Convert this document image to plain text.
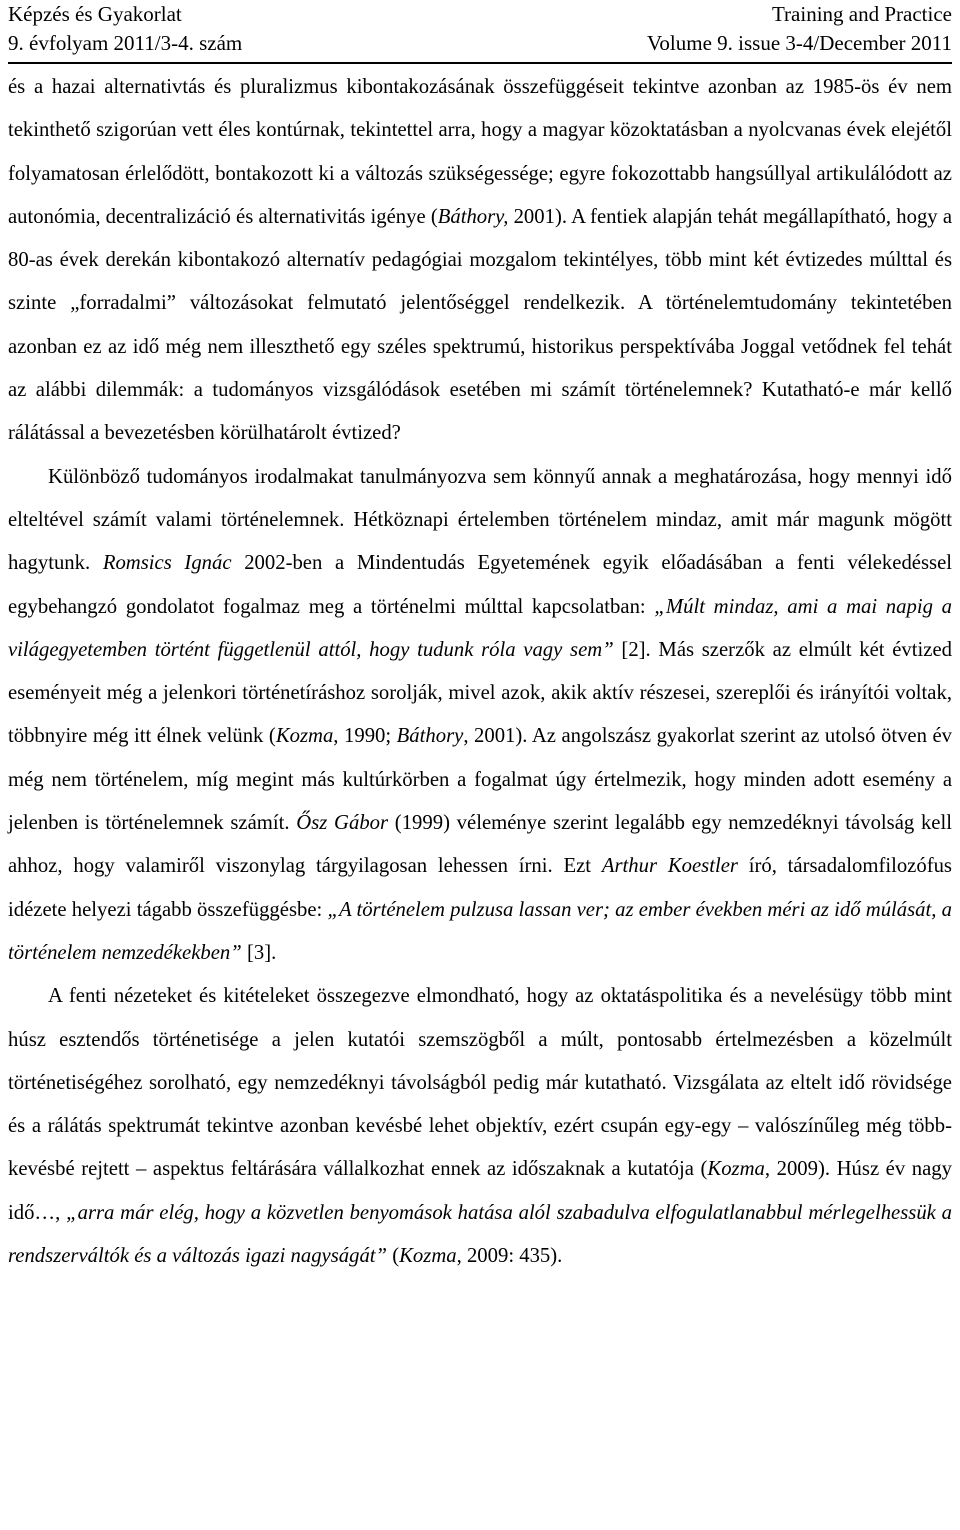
Képzés és Gyakorlat	Training and Practice
9. évfolyam 2011/3-4. szám	Volume 9. issue 3-4/December 2011

és a hazai alternativtás és pluralizmus kibontakozásának összefüggéseit tekintve azonban az 1985-ös év nem tekinthető szigorúan vett éles kontúrnak, tekintettel arra, hogy a magyar közoktatásban a nyolcvanas évek elejétől folyamatosan érlelődött, bontakozott ki a változás szükségessége; egyre fokozottabb hangsúllyal artikulálódott az autonómia, decentralizáció és alternativitás igénye (Báthory, 2001). A fentiek alapján tehát megállapítható, hogy a 80-as évek derekán kibontakozó alternatív pedagógiai mozgalom tekintélyes, több mint két évtizedes múlttal és szinte „forradalmi” változásokat felmutató jelentőséggel rendelkezik. A történelemtudomány tekintetében azonban ez az idő még nem illeszthető egy széles spektrumú, historikus perspektívába Joggal vetődnek fel tehát az alábbi dilemmák: a tudományos vizsgálódások esetében mi számít történelemnek? Kutatható-e már kellő rálátással a bevezetésben körülhatárolt évtized?

Különböző tudományos irodalmakat tanulmányozva sem könnyű annak a meghatározása, hogy mennyi idő elteltével számít valami történelemnek. Hétköznapi értelemben történelem mindaz, amit már magunk mögött hagytunk. Romsics Ignác 2002-ben a Mindentudás Egyetemének egyik előadásában a fenti vélekedéssel egybehangzó gondolatot fogalmaz meg a történelmi múlttal kapcsolatban: „Múlt mindaz, ami a mai napig a világegyetemben történt függetlenül attól, hogy tudunk róla vagy sem” [2]. Más szerzők az elmúlt két évtized eseményeit még a jelenkori történetíráshoz sorolják, mivel azok, akik aktív részesei, szereplői és irányítói voltak, többnyire még itt élnek velünk (Kozma, 1990; Báthory, 2001). Az angolszász gyakorlat szerint az utolsó ötven év még nem történelem, míg megint más kultúrkörben a fogalmat úgy értelmezik, hogy minden adott esemény a jelenben is történelemnek számít. Ősz Gábor (1999) véleménye szerint legalább egy nemzedéknyi távolság kell ahhoz, hogy valamiről viszonylag tárgyilagosan lehessen írni. Ezt Arthur Koestler író, társadalomfilozófus idézete helyezi tágabb összefüggésbe: „A történelem pulzusa lassan ver; az ember években méri az idő múlását, a történelem nemzedékekben” [3].

A fenti nézeteket és kitételeket összegezve elmondható, hogy az oktatáspolitika és a nevelésügy több mint húsz esztendős történetisége a jelen kutatói szemszögből a múlt, pontosabb értelmezésben a közelmúlt történetiségéhez sorolható, egy nemzedéknyi távolságból pedig már kutatható. Vizsgálata az eltelt idő rövidsége és a rálátás spektrumát tekintve azonban kevésbé lehet objektív, ezért csupán egy-egy – valószínűleg még több-kevésbé rejtett – aspektus feltárására vállalkozhat ennek az időszaknak a kutatója (Kozma, 2009). Húsz év nagy idő…, „arra már elég, hogy a közvetlen benyomások hatása alól szabadulva elfogulatlanabbul mérlegelhessük a rendszerváltók és a változás igazi nagyságát” (Kozma, 2009: 435).
